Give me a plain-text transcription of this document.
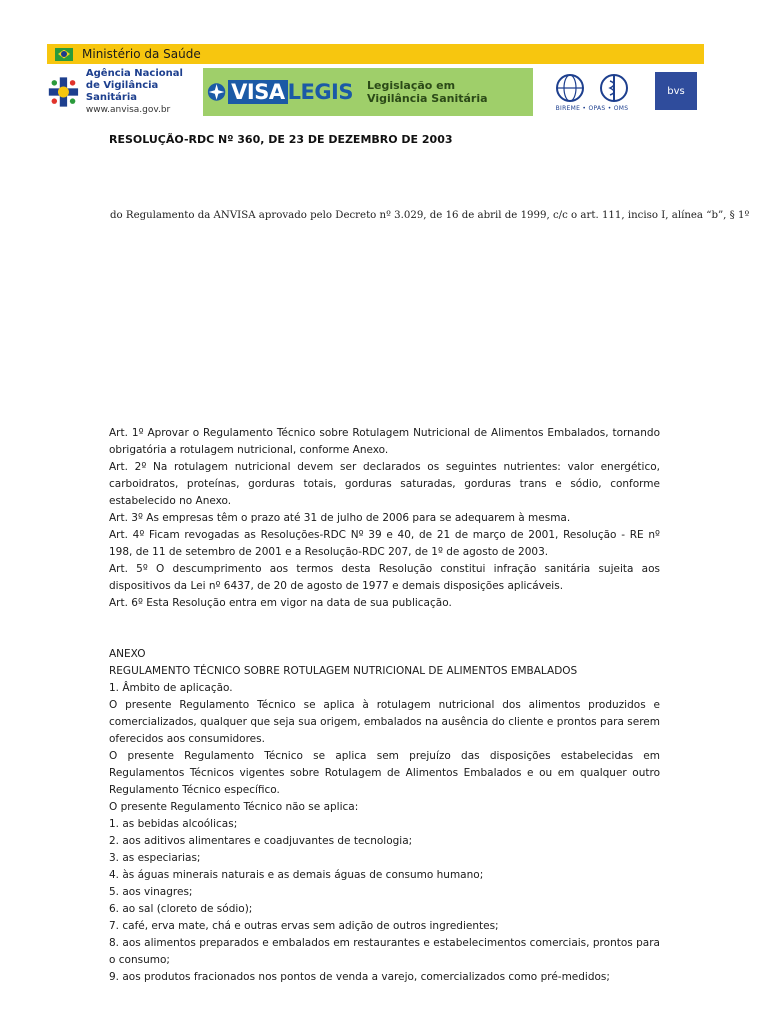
Ministério da Saúde
Agência Nacional
de Vigilância Sanitária
www.anvisa.gov.br
VISA LEGIS Legislação em
Vigilância Sanitária
BIREME • OPAS • OMS
bvs
RESOLUÇÃO-RDC Nº 360, DE 23 DE DEZEMBRO DE 2003
do Regulamento da ANVISA aprovado pelo Decreto nº 3.029, de 16 de abril de 1999, c/c o art. 111, inciso I, alínea “b”, § 1º

Art. 1º Aprovar o Regulamento Técnico sobre Rotulagem Nutricional de Alimentos Embalados, tornando obrigatória a rotulagem nutricional, conforme Anexo.

Art. 2º Na rotulagem nutricional devem ser declarados os seguintes nutrientes: valor energético, carboidratos, proteínas, gorduras totais, gorduras saturadas, gorduras trans e sódio, conforme estabelecido no Anexo.

Art. 3º As empresas têm o prazo até 31 de julho de 2006 para se adequarem à mesma.

Art. 4º Ficam revogadas as Resoluções-RDC Nº 39 e 40, de 21 de março de 2001, Resolução - RE nº 198, de 11 de setembro de 2001 e a Resolução-RDC 207, de 1º de agosto de 2003.

Art. 5º O descumprimento aos termos desta Resolução constitui infração sanitária sujeita aos dispositivos da Lei nº 6437, de 20 de agosto de 1977 e demais disposições aplicáveis.

Art. 6º Esta Resolução entra em vigor na data de sua publicação.

ANEXO

REGULAMENTO TÉCNICO SOBRE ROTULAGEM NUTRICIONAL DE ALIMENTOS EMBALADOS

1. Âmbito de aplicação.

O presente Regulamento Técnico se aplica à rotulagem nutricional dos alimentos produzidos e comercializados, qualquer que seja sua origem, embalados na ausência do cliente e prontos para serem oferecidos aos consumidores.

O presente Regulamento Técnico se aplica sem prejuízo das disposições estabelecidas em Regulamentos Técnicos vigentes sobre Rotulagem de Alimentos Embalados e ou em qualquer outro Regulamento Técnico específico.

O presente Regulamento Técnico não se aplica:

1. as bebidas alcoólicas;

2. aos aditivos alimentares e coadjuvantes de tecnologia;

3. as especiarias;

4. às águas minerais naturais e as demais águas de consumo humano;

5. aos vinagres;

6. ao sal (cloreto de sódio);

7. café, erva mate, chá e outras ervas sem adição de outros ingredientes;

8. aos alimentos preparados e embalados em restaurantes e estabelecimentos comerciais, prontos para o consumo;

9. aos produtos fracionados nos pontos de venda a varejo, comercializados como pré-medidos;
